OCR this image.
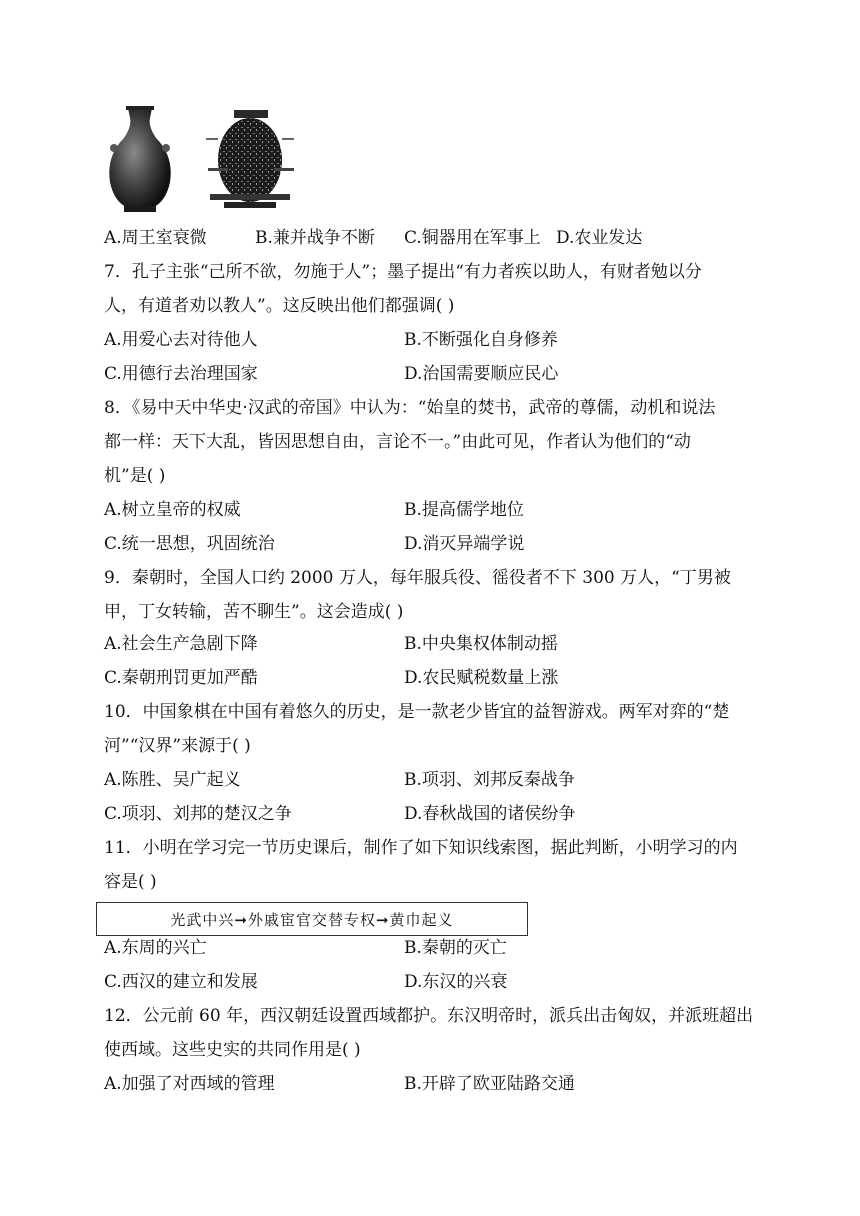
A.周王室衰微	B.兼并战争不断 C.铜器用在军事上 D.农业发达
7．孔子主张“己所不欲，勿施于人”；墨子提出“有力者疾以助人，有财者勉以分
人，有道者劝以教人”。这反映出他们都强调( )
A.用爱心去对待他人	B.不断强化自身修养
C.用德行去治理国家	D.治国需要顺应民心
8．《易中天中华史·汉武的帝国》中认为：“始皇的焚书，武帝的尊儒，动机和说法
都一样：天下大乱，皆因思想自由，言论不一。”由此可见，作者认为他们的“动
机”是( )
A.树立皇帝的权威	B.提高儒学地位
C.统一思想，巩固统治	D.消灭异端学说
9．秦朝时，全国人口约 2000 万人，每年服兵役、徭役者不下 300 万人，“丁男被
甲，丁女转输，苦不聊生”。这会造成( )
A.社会生产急剧下降	B.中央集权体制动摇
C.秦朝刑罚更加严酷	D.农民赋税数量上涨
10．中国象棋在中国有着悠久的历史，是一款老少皆宜的益智游戏。两军对弈的“楚
河”“汉界”来源于( )
A.陈胜、吴广起义	B.项羽、刘邦反秦战争
C.项羽、刘邦的楚汉之争	D.春秋战国的诸侯纷争
11．小明在学习完一节历史课后，制作了如下知识线索图，据此判断，小明学习的内
容是( )
光武中兴➞外戚宦官交替专权➞黄巾起义
A.东周的兴亡	B.秦朝的灭亡
C.西汉的建立和发展	D.东汉的兴衰
12．公元前 60 年，西汉朝廷设置西域都护。东汉明帝时，派兵出击匈奴，并派班超出
使西域。这些史实的共同作用是( )
A.加强了对西域的管理	B.开辟了欧亚陆路交通
